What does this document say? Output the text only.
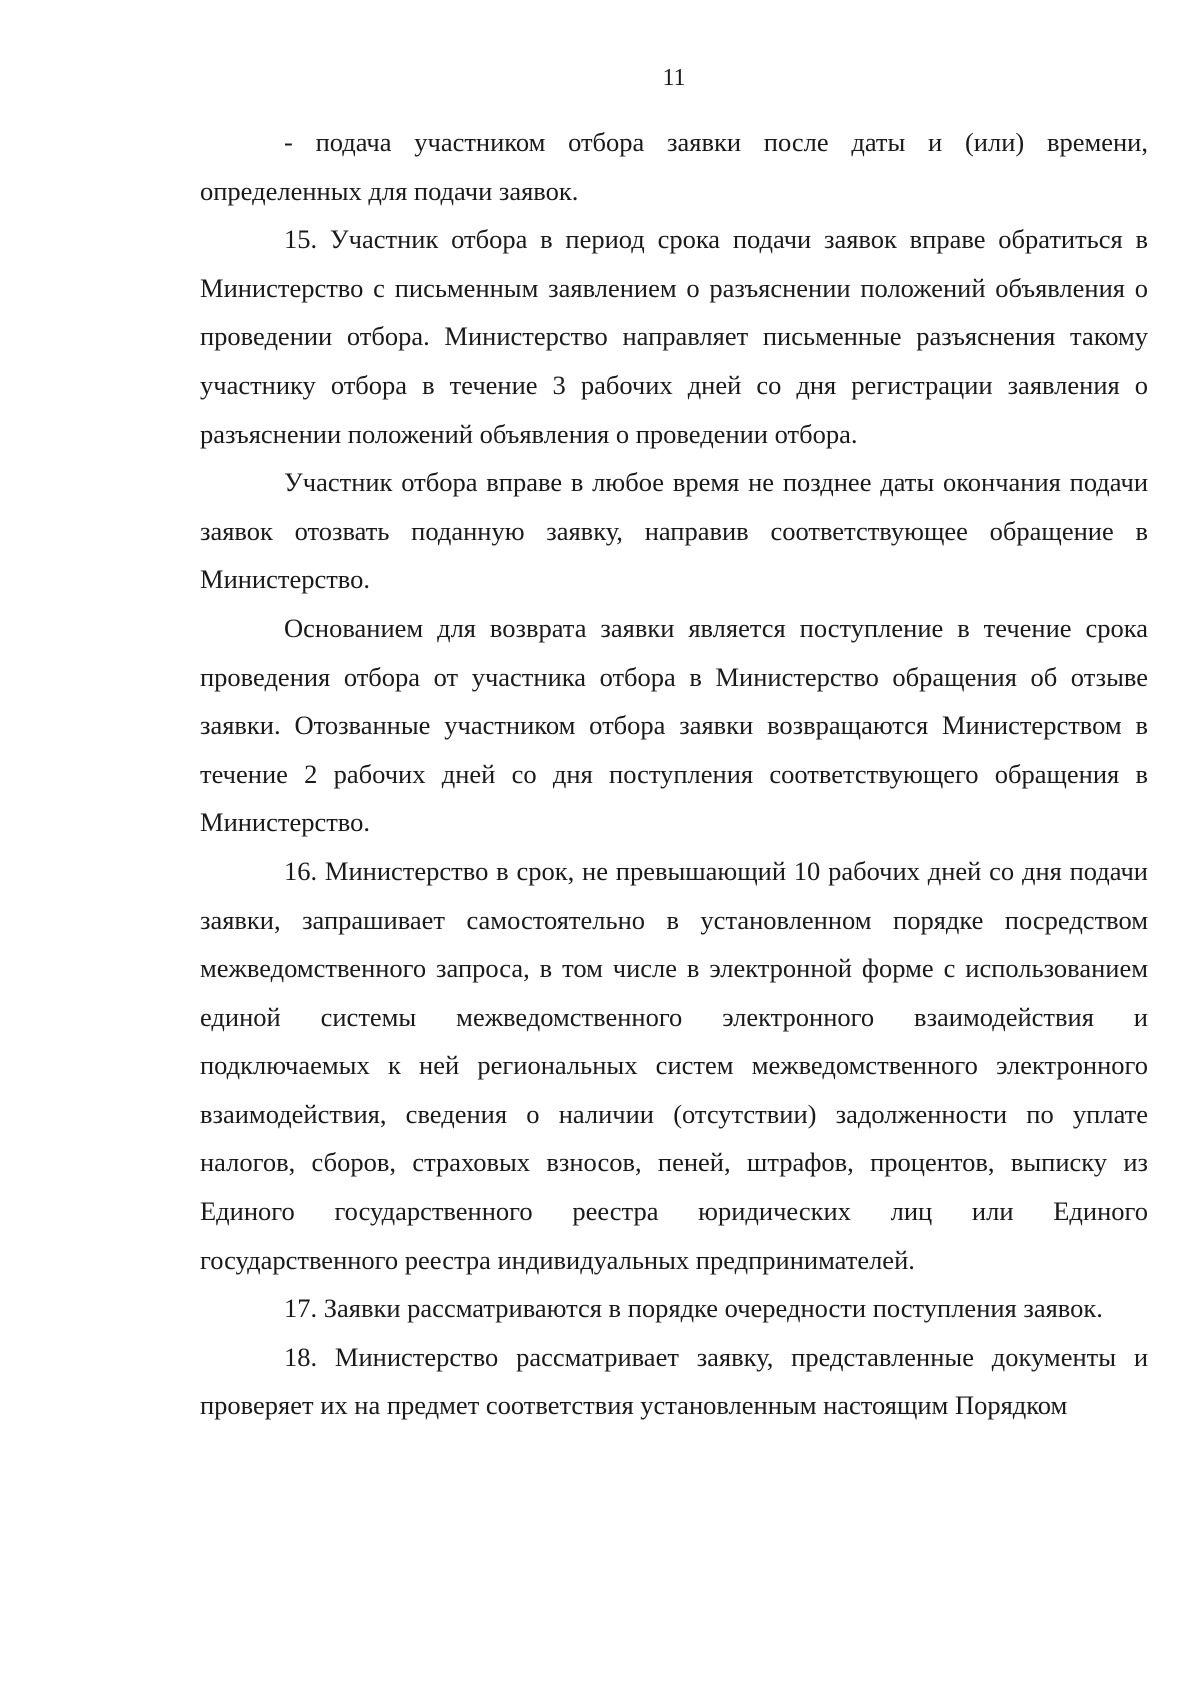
11

- подача участником отбора заявки после даты и (или) времени, определенных для подачи заявок.

15. Участник отбора в период срока подачи заявок вправе обратиться в Министерство с письменным заявлением о разъяснении положений объявления о проведении отбора. Министерство направляет письменные разъяснения такому участнику отбора в течение 3 рабочих дней со дня регистрации заявления о разъяснении положений объявления о проведении отбора.

Участник отбора вправе в любое время не позднее даты окончания подачи заявок отозвать поданную заявку, направив соответствующее обращение в Министерство.

Основанием для возврата заявки является поступление в течение срока проведения отбора от участника отбора в Министерство обращения об отзыве заявки. Отозванные участником отбора заявки возвращаются Министерством в течение 2 рабочих дней со дня поступления соответствующего обращения в Министерство.

16. Министерство в срок, не превышающий 10 рабочих дней со дня подачи заявки, запрашивает самостоятельно в установленном порядке посредством межведомственного запроса, в том числе в электронной форме с использованием единой системы межведомственного электронного взаимодействия и подключаемых к ней региональных систем межведомственного электронного взаимодействия, сведения о наличии (отсутствии) задолженности по уплате налогов, сборов, страховых взносов, пеней, штрафов, процентов, выписку из Единого государственного реестра юридических лиц или Единого государственного реестра индивидуальных предпринимателей.

17. Заявки рассматриваются в порядке очередности поступления заявок.

18. Министерство рассматривает заявку, представленные документы и проверяет их на предмет соответствия установленным настоящим Порядком
